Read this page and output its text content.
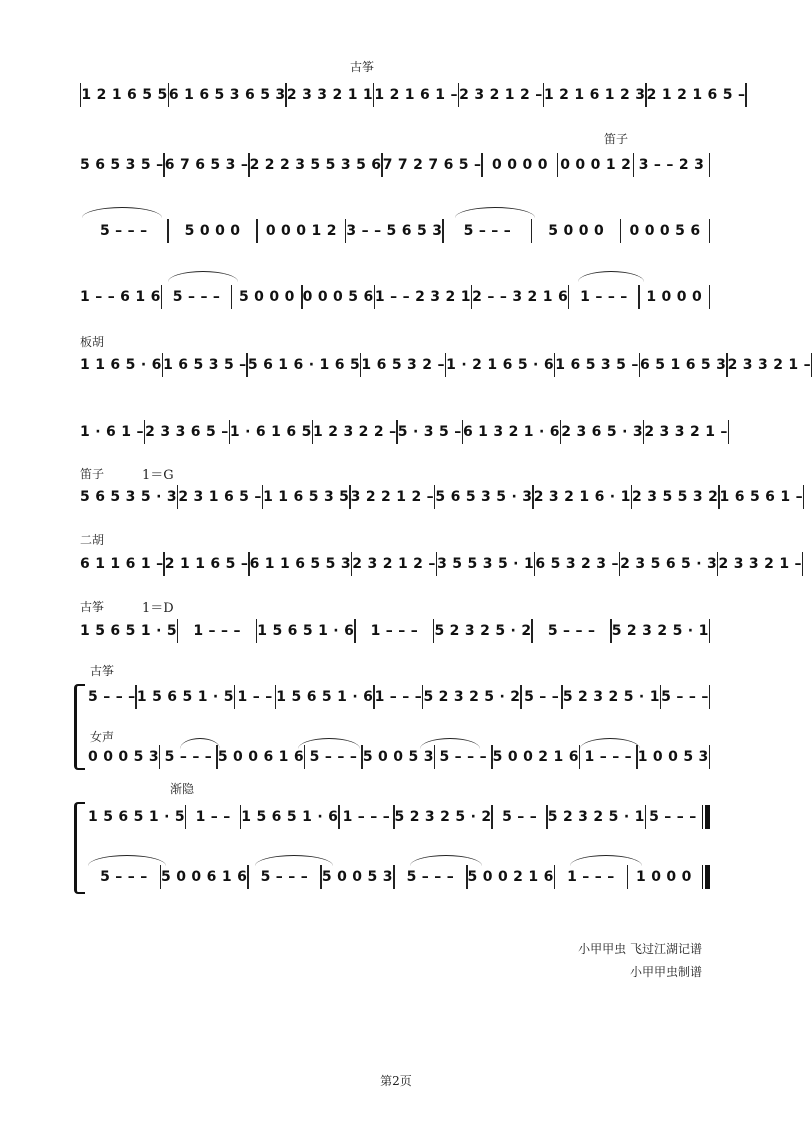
古筝
笛子
板胡
笛子	1＝G
二胡
古筝	1＝D
古筝
女声
渐隐
1 2 1 6 5 5 6 1 6 5 3 6 5 3 2 3 3 2 1 1 1 2 1 6 1 – 2 3 2 1 2 – 1 2 1 6 1 2 3 2 1 2 1 6 5 –
5 6 5 3 5 – 6 7 6 5 3 – 2 2 2 3 5 5 3 5 6 7 7 2 7 6 5 – 0 0 0 0 0 0 0 1 2 3 – – 2 3
5 – – –	5 0 0 0	0 0 0 1 2 3 – – 5 6 5 3	5 – – –	5 0 0 0	0 0 0 5 6
1 – – 6 1 6 5 – – –	5 0 0 0 0 0 0 5 6 1 – – 2 3 2 1 2 – – 3 2 1 6 1 – – –	1 0 0 0
1 1 6 5 · 6 1 6 5 3 5 – 5 6 1 6 · 1 6 5 1 6 5 3 2 – 1 · 2 1 6 5 · 6 1 6 5 3 5 – 6 5 1 6 5 3 2 3 3 2 1 –
1 · 6 1 – 2 3 3 6 5 – 1 · 6 1 6 5 1 2 3 2 2 – 5 · 3 5 – 6 1 3 2 1 · 6 2 3 6 5 · 3 2 3 3 2 1 –
5 6 5 3 5 · 3 2 3 1 6 5 – 1 1 6 5 3 5 3 2 2 1 2 – 5 6 5 3 5 · 3 2 3 2 1 6 · 1 2 3 5 5 3 2 1 6 5 6 1 –
6 1 1 6 1 – 2 1 1 6 5 – 6 1 1 6 5 5 3 2 3 2 1 2 – 3 5 5 3 5 · 1 6 5 3 2 3 – 2 3 5 6 5 · 3 2 3 3 2 1 –
1 5 6 5 1 · 5	1 – – –	1 5 6 5 1 · 6	1 – – –	5 2 3 2 5 · 2	5 – – –	5 2 3 2 5 · 1
5 – – – 1 5 6 5 1 · 5 1 – – 1 5 6 5 1 · 6 1 – – – 5 2 3 2 5 · 2 5 – – 5 2 3 2 5 · 1 5 – – –
0 0 0 5 3 5 – – – 5 0 0 6 1 6 5 – – – 5 0 0 5 3 5 – – – 5 0 0 2 1 6 1 – – – 1 0 0 5 3
1 5 6 5 1 · 5 1 – – 1 5 6 5 1 · 6 1 – – – 5 2 3 2 5 · 2 5 – – 5 2 3 2 5 · 1 5 – – –
5 – – – 5 0 0 6 1 6 5 – – – 5 0 0 5 3 5 – – – 5 0 0 2 1 6 1 – – –	1 0 0 0
小甲甲虫 飞过江湖记谱
小甲甲虫制谱
第2页
